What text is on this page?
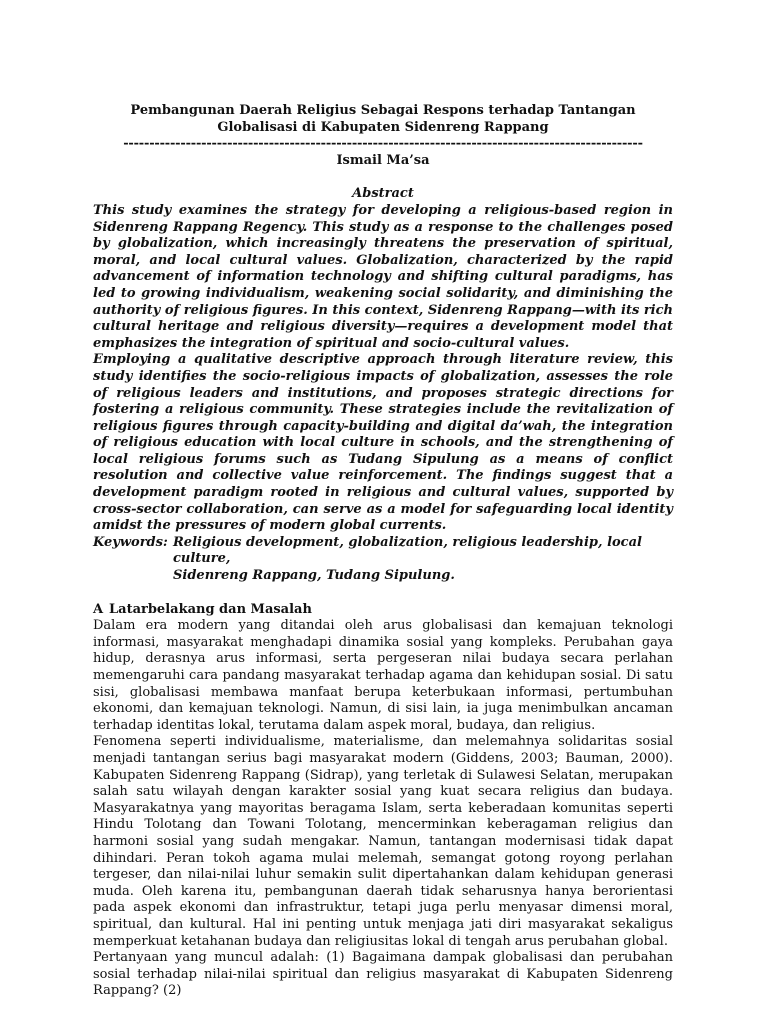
Pembangunan Daerah Religius Sebagai Respons terhadap Tantangan Globalisasi di Kabupaten Sidenreng Rappang

----------------------------------------------------------------------------------------------------

Ismail Ma’sa

Abstract

This study examines the strategy for developing a religious-based region in Sidenreng Rappang Regency. This study as a response to the challenges posed by globalization, which increasingly threatens the preservation of spiritual, moral, and local cultural values. Globalization, characterized by the rapid advancement of information technology and shifting cultural paradigms, has led to growing individualism, weakening social solidarity, and diminishing the authority of religious figures. In this context, Sidenreng Rappang—with its rich cultural heritage and religious diversity—requires a development model that emphasizes the integration of spiritual and socio-cultural values.

Employing a qualitative descriptive approach through literature review, this study identifies the socio-religious impacts of globalization, assesses the role of religious leaders and institutions, and proposes strategic directions for fostering a religious community. These strategies include the revitalization of religious figures through capacity-building and digital da’wah, the integration of religious education with local culture in schools, and the strengthening of local religious forums such as Tudang Sipulung as a means of conflict resolution and collective value reinforcement. The findings suggest that a development paradigm rooted in religious and cultural values, supported by cross-sector collaboration, can serve as a model for safeguarding local identity amidst the pressures of modern global currents.

Keywords: Religious development, globalization, religious leadership, local culture,

Sidenreng Rappang, Tudang Sipulung.

A Latarbelakang dan Masalah

Dalam era modern yang ditandai oleh arus globalisasi dan kemajuan teknologi informasi, masyarakat menghadapi dinamika sosial yang kompleks. Perubahan gaya hidup, derasnya arus informasi, serta pergeseran nilai budaya secara perlahan memengaruhi cara pandang masyarakat terhadap agama dan kehidupan sosial. Di satu sisi, globalisasi membawa manfaat berupa keterbukaan informasi, pertumbuhan ekonomi, dan kemajuan teknologi. Namun, di sisi lain, ia juga menimbulkan ancaman terhadap identitas lokal, terutama dalam aspek moral, budaya, dan religius.

Fenomena seperti individualisme, materialisme, dan melemahnya solidaritas sosial menjadi tantangan serius bagi masyarakat modern (Giddens, 2003; Bauman, 2000). Kabupaten Sidenreng Rappang (Sidrap), yang terletak di Sulawesi Selatan, merupakan salah satu wilayah dengan karakter sosial yang kuat secara religius dan budaya. Masyarakatnya yang mayoritas beragama Islam, serta keberadaan komunitas seperti Hindu Tolotang dan Towani Tolotang, mencerminkan keberagaman religius dan harmoni sosial yang sudah mengakar. Namun, tantangan modernisasi tidak dapat dihindari. Peran tokoh agama mulai melemah, semangat gotong royong perlahan tergeser, dan nilai-nilai luhur semakin sulit dipertahankan dalam kehidupan generasi muda. Oleh karena itu, pembangunan daerah tidak seharusnya hanya berorientasi pada aspek ekonomi dan infrastruktur, tetapi juga perlu menyasar dimensi moral, spiritual, dan kultural. Hal ini penting untuk menjaga jati diri masyarakat sekaligus memperkuat ketahanan budaya dan religiusitas lokal di tengah arus perubahan global.

Pertanyaan yang muncul adalah: (1) Bagaimana dampak globalisasi dan perubahan sosial terhadap nilai-nilai spiritual dan religius masyarakat di Kabupaten Sidenreng Rappang? (2)
